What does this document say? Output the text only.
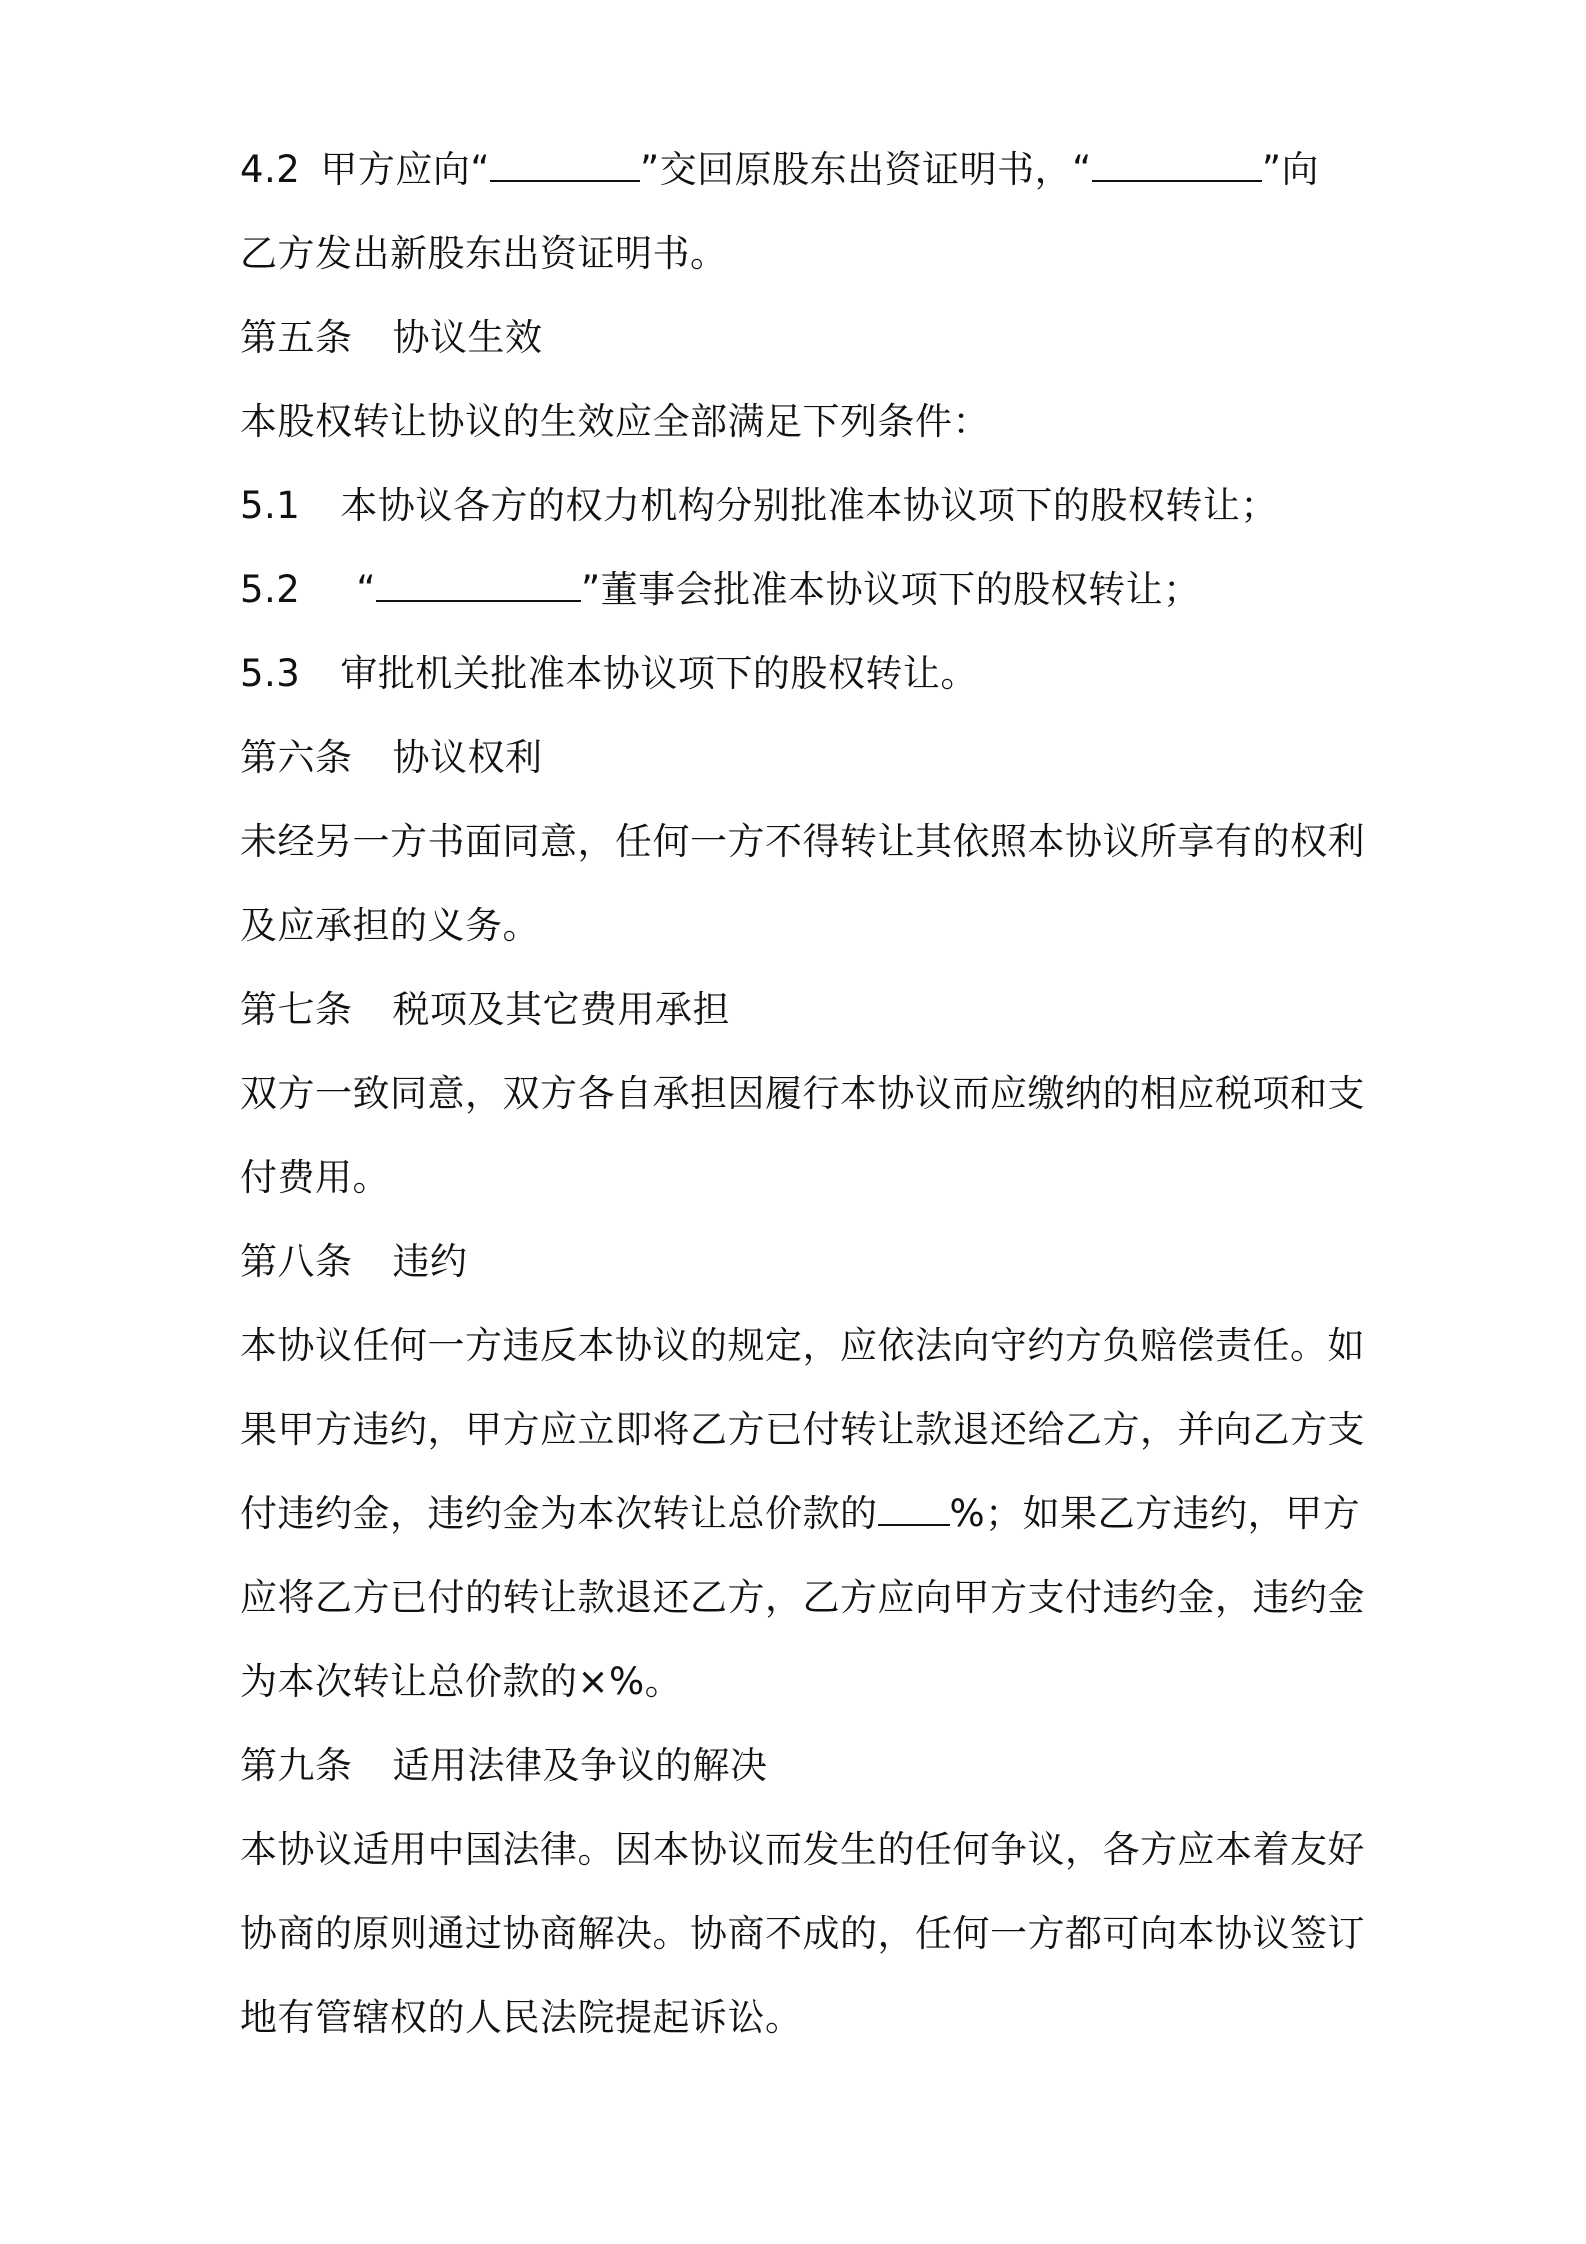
4.2 甲方应向“	”交回原股东出资证明书，“	”向
乙方发出新股东出资证明书。
第五条 协议生效
本股权转让协议的生效应全部满足下列条件：
5.1 本协议各方的权力机构分别批准本协议项下的股权转让；
5.2 “	”董事会批准本协议项下的股权转让；
5.3 审批机关批准本协议项下的股权转让。
第六条 协议权利
未经另一方书面同意，任何一方不得转让其依照本协议所享有的权利
及应承担的义务。
第七条 税项及其它费用承担
双方一致同意，双方各自承担因履行本协议而应缴纳的相应税项和支
付费用。
第八条 违约
本协议任何一方违反本协议的规定，应依法向守约方负赔偿责任。如
果甲方违约，甲方应立即将乙方已付转让款退还给乙方，并向乙方支
付违约金，违约金为本次转让总价款的 %；如果乙方违约，甲方
应将乙方已付的转让款退还乙方，乙方应向甲方支付违约金，违约金
为本次转让总价款的×%。
第九条 适用法律及争议的解决
本协议适用中国法律。因本协议而发生的任何争议，各方应本着友好
协商的原则通过协商解决。协商不成的，任何一方都可向本协议签订
地有管辖权的人民法院提起诉讼。
